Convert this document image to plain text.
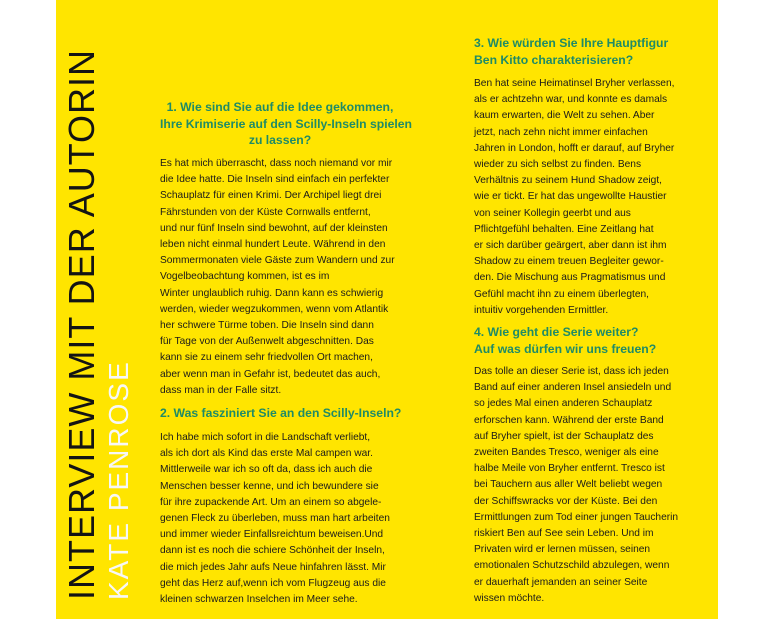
INTERVIEW MIT DER AUTORIN KATE PENROSE
1. Wie sind Sie auf die Idee gekommen,
Ihre Krimiserie auf den Scilly-Inseln spielen
zu lassen?
Es hat mich überrascht, dass noch niemand vor mir
die Idee hatte. Die Inseln sind einfach ein perfekter
Schauplatz für einen Krimi. Der Archipel liegt drei
Fährstunden von der Küste Cornwalls entfernt,
und nur fünf Inseln sind bewohnt, auf der kleinsten
leben nicht einmal hundert Leute. Während in den
Sommermonaten viele Gäste zum Wandern und zur
Vogelbeobachtung kommen, ist es im
Winter unglaublich ruhig. Dann kann es schwierig
werden, wieder wegzukommen, wenn vom Atlantik
her schwere Türme toben. Die Inseln sind dann
für Tage von der Außenwelt abgeschnitten. Das
kann sie zu einem sehr friedvollen Ort machen,
aber wenn man in Gefahr ist, bedeutet das auch,
dass man in der Falle sitzt.
2. Was fasziniert Sie an den Scilly-Inseln?
Ich habe mich sofort in die Landschaft verliebt,
als ich dort als Kind das erste Mal campen war.
Mittlerweile war ich so oft da, dass ich auch die
Menschen besser kenne, und ich bewundere sie
für ihre zupackende Art. Um an einem so abgele-
genen Fleck zu überleben, muss man hart arbeiten
und immer wieder Einfallsreichtum beweisen.Und
dann ist es noch die schiere Schönheit der Inseln,
die mich jedes Jahr aufs Neue hinfahren lässt. Mir
geht das Herz auf,wenn ich vom Flugzeug aus die
kleinen schwarzen Inselchen im Meer sehe.
3. Wie würden Sie Ihre Hauptfigur
Ben Kitto charakterisieren?
Ben hat seine Heimatinsel Bryher verlassen,
als er achtzehn war, und konnte es damals
kaum erwarten, die Welt zu sehen. Aber
jetzt, nach zehn nicht immer einfachen
Jahren in London, hofft er darauf, auf Bryher
wieder zu sich selbst zu finden. Bens
Verhältnis zu seinem Hund Shadow zeigt,
wie er tickt. Er hat das ungewollte Haustier
von seiner Kollegin geerbt und aus
Pflichtgefühl behalten. Eine Zeitlang hat
er sich darüber geärgert, aber dann ist ihm
Shadow zu einem treuen Begleiter gewor-
den. Die Mischung aus Pragmatismus und
Gefühl macht ihn zu einem überlegten,
intuitiv vorgehenden Ermittler.
4. Wie geht die Serie weiter?
Auf was dürfen wir uns freuen?
Das tolle an dieser Serie ist, dass ich jeden
Band auf einer anderen Insel ansiedeln und
so jedes Mal einen anderen Schauplatz
erforschen kann. Während der erste Band
auf Bryher spielt, ist der Schauplatz des
zweiten Bandes Tresco, weniger als eine
halbe Meile von Bryher entfernt. Tresco ist
bei Tauchern aus aller Welt beliebt wegen
der Schiffswracks vor der Küste. Bei den
Ermittlungen zum Tod einer jungen Taucherin
riskiert Ben auf See sein Leben. Und im
Privaten wird er lernen müssen, seinen
emotionalen Schutzschild abzulegen, wenn
er dauerhaft jemanden an seiner Seite
wissen möchte.
